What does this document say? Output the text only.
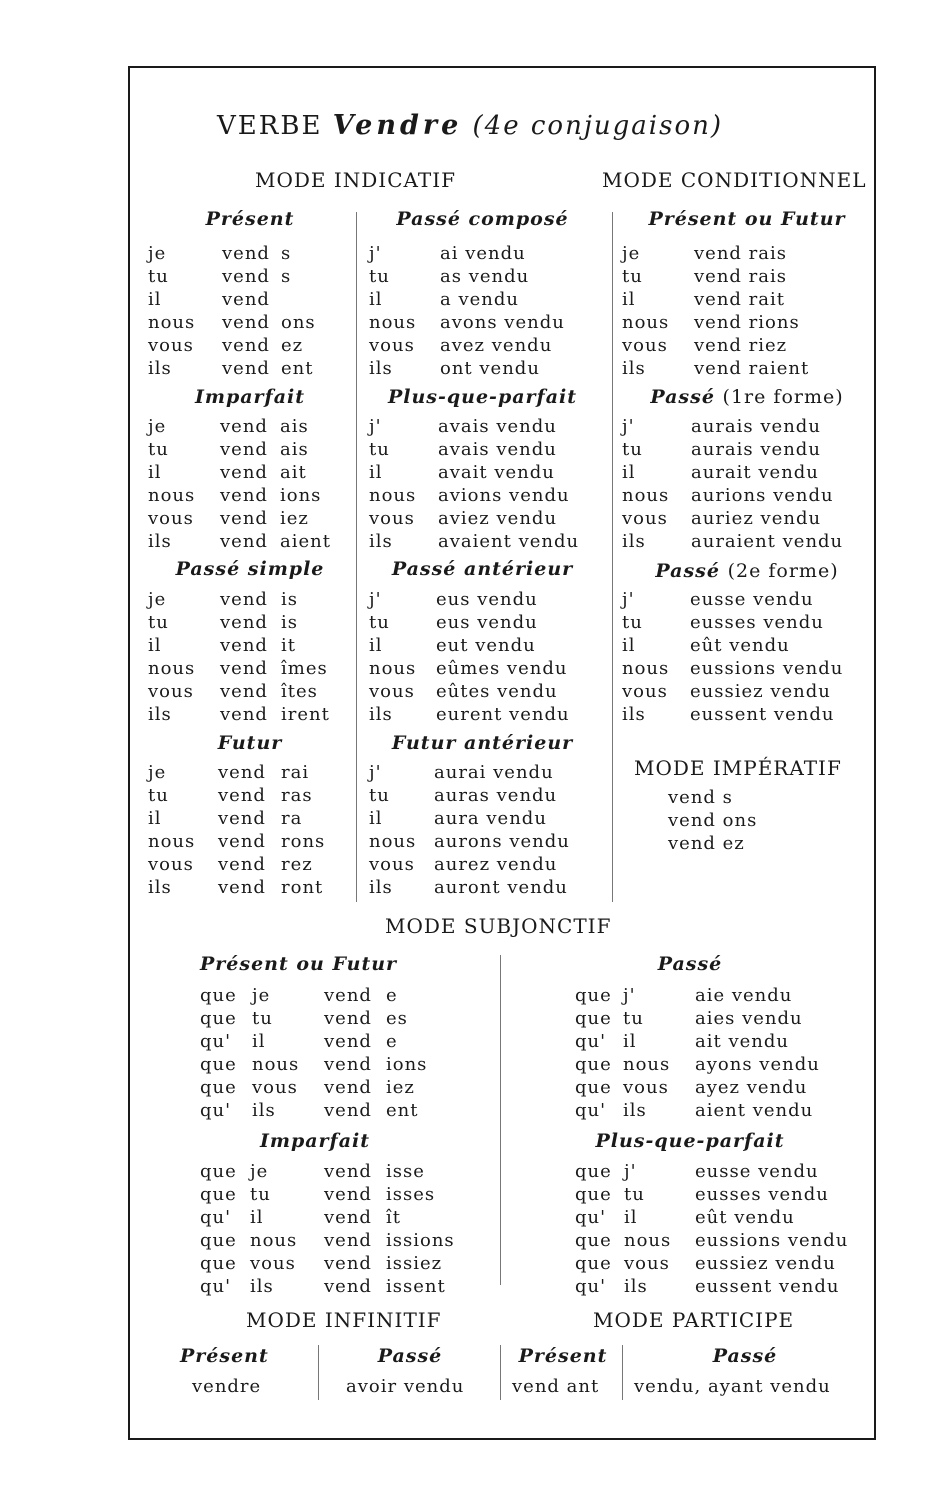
VERBE Vendre (4e conjugaison)
MODE INDICATIF	MODE CONDITIONNEL
Présent
je	vend s
tu	vend s
il	vend
nous vend ons
vous vend ez
ils	vend ent
Imparfait
je	vend ais
tu	vend ais
il	vend ait
nous vend ions
vous vend iez
ils	vend aient
Passé simple
je	vend is
tu	vend is
il	vend it
nous vend îmes
vous vend îtes
ils	vend irent
Futur
je	vend rai
tu	vend ras
il	vend ra
nous vend rons
vous vend rez
ils	vend ront
Passé composé
j'	ai vendu
tu	as vendu
il	a vendu
nous avons vendu
vous avez vendu
ils	ont vendu
Plus-que-parfait
j'	avais vendu
tu	avais vendu
il	avait vendu
nous avions vendu
vous aviez vendu
ils	avaient vendu
Passé antérieur
j'	eus vendu
tu	eus vendu
il	eut vendu
nous eûmes vendu
vous eûtes vendu
ils eurent vendu
Futur antérieur
j'	aurai vendu
tu auras vendu
il	aura vendu
nous aurons vendu
vous aurez vendu
ils auront vendu
Présent ou Futur
je	vend rais
tu	vend rais
il	vend rait
nous vend rions
vous vend riez
ils	vend raient
Passé (1re forme)
j'	aurais vendu
tu	aurais vendu
il	aurait vendu
nous aurions vendu
vous auriez vendu
ils	auraient vendu
Passé (2e forme)
j'	eusse vendu
tu	eusses vendu
il	eût vendu
nous eussions vendu
vous eussiez vendu
ils eussent vendu
MODE IMPÉRATIF
vend s
vend ons
vend ez
MODE SUBJONCTIF
Présent ou Futur
que je	vend e
que tu	vend es
qu' il	vend e
que nous vend ions
que vous vend iez
qu' ils	vend ent
Imparfait
que je	vend isse
que tu	vend isses
qu' il	vend ît
que nous vend issions
que vous vend issiez
qu' ils	vend issent
Passé
que j'	aie vendu
que tu	aies vendu
qu' il	ait vendu
que nous ayons vendu
que vous ayez vendu
qu' ils	aient vendu
Plus-que-parfait
que j'	eusse vendu
que tu	eusses vendu
qu' il	eût vendu
que nous eussions vendu
que vous eussiez vendu
qu' ils	eussent vendu
MODE INFINITIF	MODE PARTICIPE
Présent
vendre
Passé
avoir vendu
Présent
vend ant
Passé
vendu, ayant vendu
